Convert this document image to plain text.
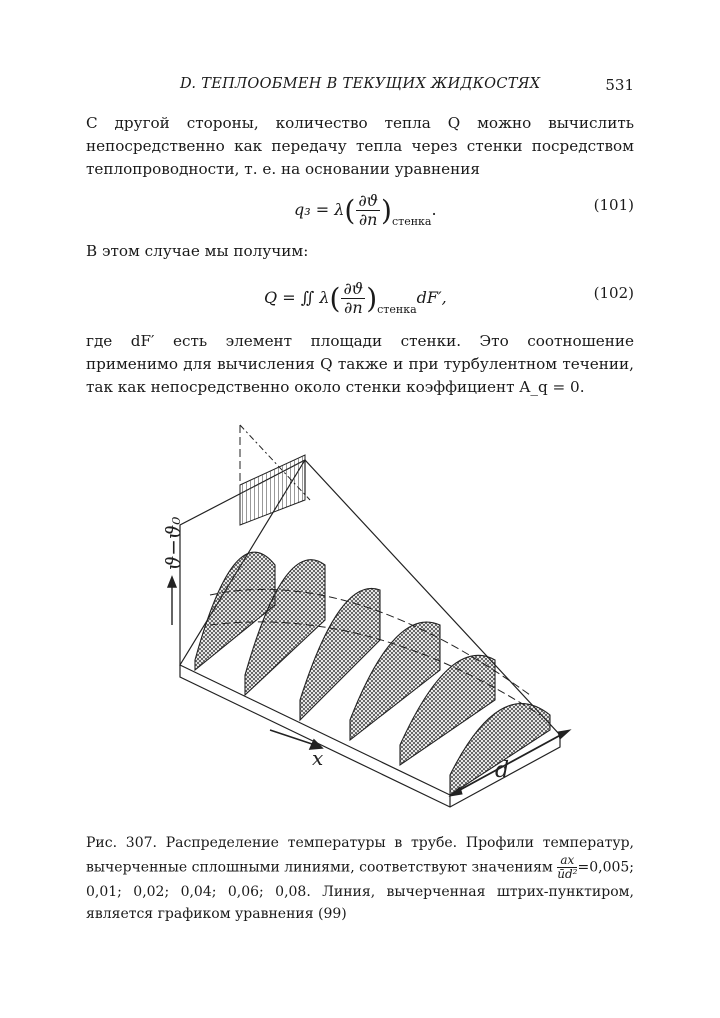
D. ТЕПЛООБМЕН В ТЕКУЩИХ ЖИДКОСТЯХ	531
С другой стороны, количество тепла Q можно вычислить непосредственно как передачу тепла через стенки посредством теплопроводности, т. е. на основании уравнения
$q_3 = \lambda( \frac{\partial ϑ}{\partial n} )_{стенка}$.	(101)
В этом случае мы получим:
Q = ∬ $\lambda( \frac{\partial ϑ}{\partial n} )_{стенка}dF'$,	(102)
где dF′ есть элемент площади стенки. Это соотношение применимо для вычисления Q также и при турбулентном течении, так как непосредственно около стенки коэффициент A_q = 0.
ϑ−ϑ₀
x	d
Рис. 307. Распределение температуры в трубе. Профили температур, вычерченные сплошными линиями, соответствуют значениям $\frac{ax}{\text{ūd²}} =0,005$; 0,01; 0,02; 0,04; 0,06; 0,08. Линия, вычерченная штрих-пунктиром, является графиком уравнения (99)
